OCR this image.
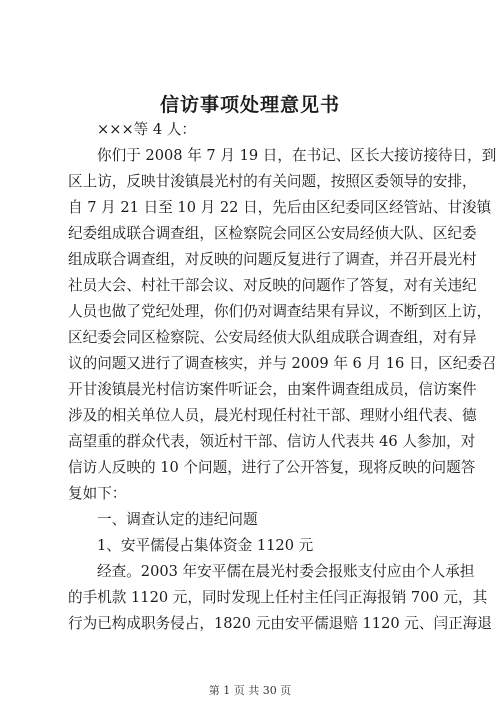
信访事项处理意见书
×××等 4 人：
你们于 2008 年 7 月 19 日，在书记、区长大接访接待日，到
区上访，反映甘浚镇晨光村的有关问题，按照区委领导的安排，
自 7 月 21 日至 10 月 22 日，先后由区纪委同区经管站、甘浚镇
纪委组成联合调查组，区检察院会同区公安局经侦大队、区纪委
组成联合调查组，对反映的问题反复进行了调查，并召开晨光村
社员大会、村社干部会议、对反映的问题作了答复，对有关违纪
人员也做了党纪处理，你们仍对调查结果有异议，不断到区上访，
区纪委会同区检察院、公安局经侦大队组成联合调查组，对有异
议的问题又进行了调查核实，并与 2009 年 6 月 16 日，区纪委召
开甘浚镇晨光村信访案件听证会，由案件调查组成员，信访案件
涉及的相关单位人员，晨光村现任村社干部、理财小组代表、德
高望重的群众代表，领近村干部、信访人代表共 46 人参加，对
信访人反映的 10 个问题，进行了公开答复，现将反映的问题答
复如下：
一、调查认定的违纪问题
1、安平儒侵占集体资金 1120 元
经查。2003 年安平儒在晨光村委会报账支付应由个人承担
的手机款 1120 元，同时发现上任村主任闫正海报销 700 元，其
行为已构成职务侵占，1820 元由安平儒退赔 1120 元、闫正海退
第 1 页 共 30 页
